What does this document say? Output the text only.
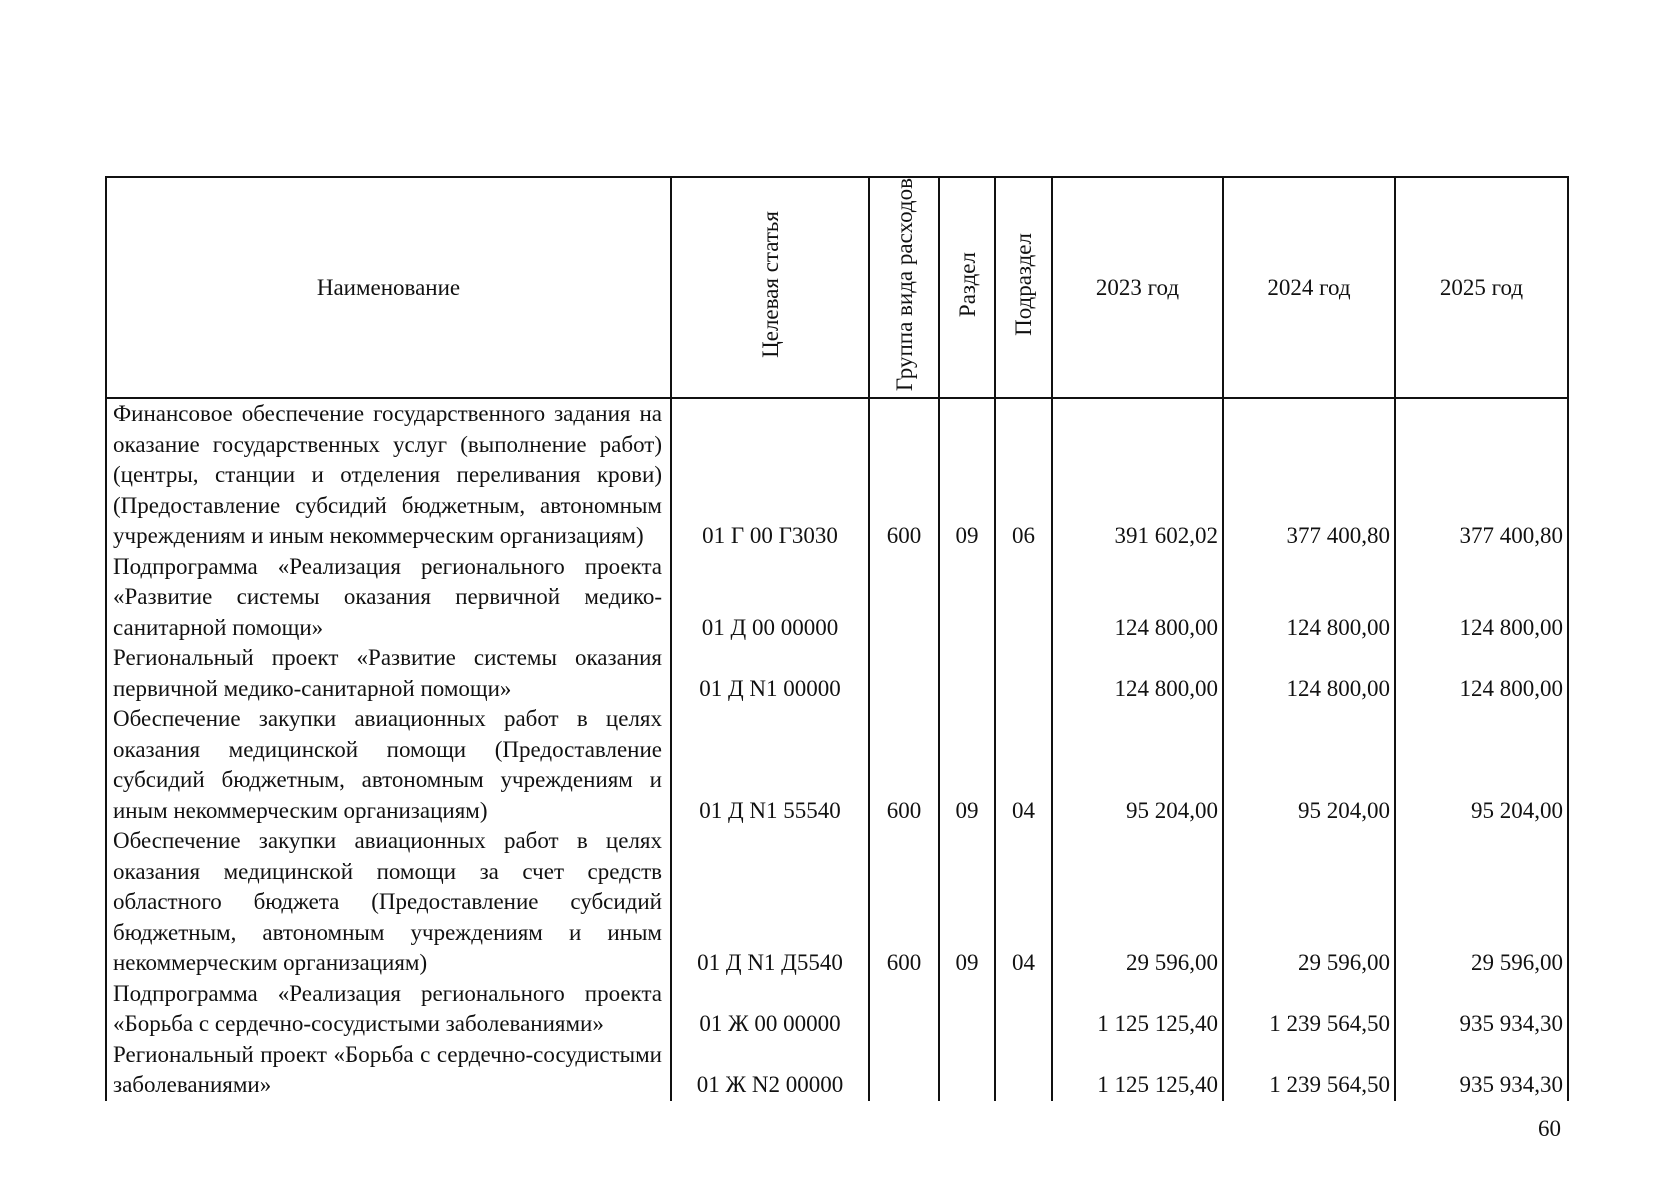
Наименование	Целевая статья	Группа вида расходов	Раздел	Подраздел	2023 год	2024 год	2025 год
Финансовое обеспечение государственного задания на оказание государственных услуг (выполнение работ) (центры, станции и отделения переливания крови) (Предоставление субсидий бюджетным, автономным учреждениям и иным некоммерческим организациям)	01 Г 00 Г3030	600	09	06	391 602,02	377 400,80	377 400,80
Подпрограмма «Реализация регионального проекта «Развитие системы оказания первичной медико-санитарной помощи»	01 Д 00 00000				124 800,00	124 800,00	124 800,00
Региональный проект «Развитие системы оказания первичной медико-санитарной помощи»	01 Д N1 00000				124 800,00	124 800,00	124 800,00
Обеспечение закупки авиационных работ в целях оказания медицинской помощи (Предоставление субсидий бюджетным, автономным учреждениям и иным некоммерческим организациям)	01 Д N1 55540	600	09	04	95 204,00	95 204,00	95 204,00
Обеспечение закупки авиационных работ в целях оказания медицинской помощи за счет средств областного бюджета (Предоставление субсидий бюджетным, автономным учреждениям и иным некоммерческим организациям)	01 Д N1 Д5540	600	09	04	29 596,00	29 596,00	29 596,00
Подпрограмма «Реализация регионального проекта «Борьба с сердечно-сосудистыми заболеваниями»	01 Ж 00 00000				1 125 125,40	1 239 564,50	935 934,30
Региональный проект «Борьба с сердечно-сосудистыми заболеваниями»	01 Ж N2 00000				1 125 125,40	1 239 564,50	935 934,30
60
